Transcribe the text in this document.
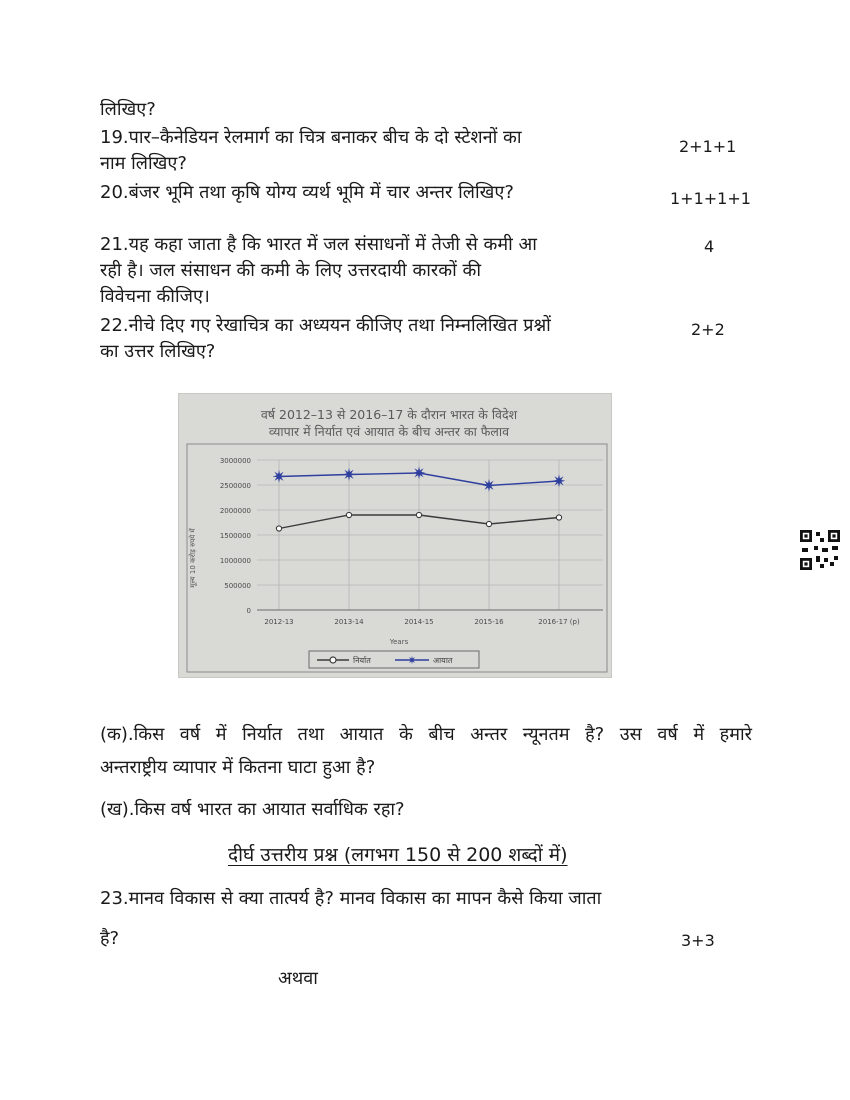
लिखिए?

19.पार–कैनेडियन रेलमार्ग का चित्र बनाकर बीच के दो स्टेशनों का

नाम लिखिए?

2+1+1

20.बंजर भूमि तथा कृषि योग्य व्यर्थ भूमि में चार अन्तर लिखिए?	1+1+1+1

21.यह कहा जाता है कि भारत में जल संसाधनों में तेजी से कमी आ

रही है। जल संसाधन की कमी के लिए उत्तरदायी कारकों की

विवेचना कीजिए।

4

22.नीचे दिए गए रेखाचित्र का अध्ययन कीजिए तथा निम्नलिखित प्रश्नों

का उत्तर लिखिए?

2+2
वर्ष 2012–13 से 2016–17 के दौरान भारत के विदेश
व्यापार में निर्यात एवं आयात के बीच अन्तर का फैलाव
0
500000
1000000
1500000
2000000
2500000
3000000
2012-13	2013-14	2014-15	2015-16	2016-17 (p)
मूल्य 10 करोड़ रुपये में
Years
✷	✷	✷
✷	✷
निर्यात	✷ आयात
(क).किस वर्ष में निर्यात तथा आयात के बीच अन्तर न्यूनतम है? उस वर्ष में हमारे
अन्तराष्ट्रीय व्यापार में कितना घाटा हुआ है?
(ख).किस वर्ष भारत का आयात सर्वाधिक रहा?
दीर्घ उत्तरीय प्रश्न (लगभग 150 से 200 शब्दों में)
23.मानव विकास से क्या तात्पर्य है? मानव विकास का मापन कैसे किया जाता
है?	3+3
अथवा
